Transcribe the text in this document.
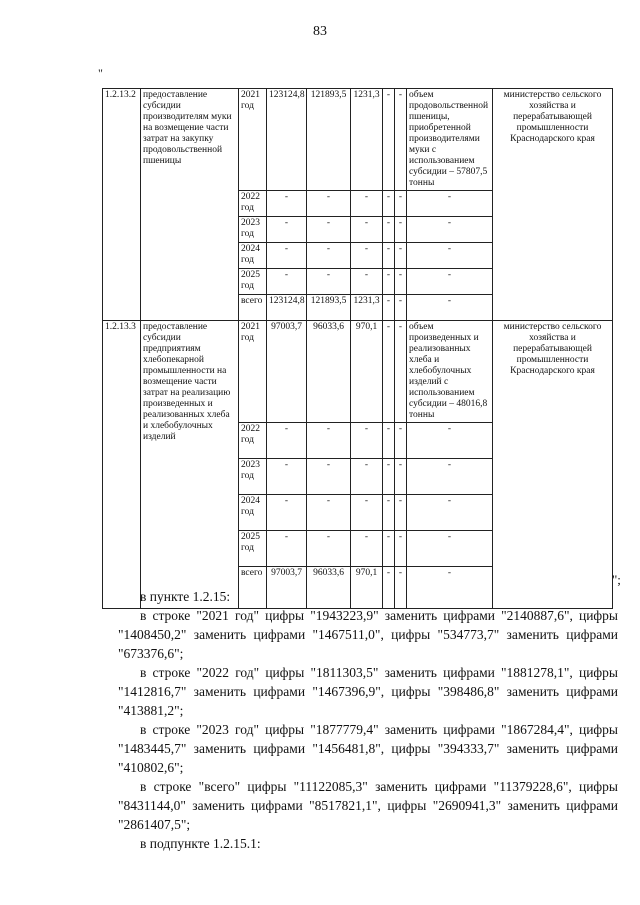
83
"
1.2.13.2	предоставление субсидии производителям муки на возмещение части затрат на закупку продовольственной пшеницы	2021 год	123124,8	121893,5	1231,3	-	-	объем продовольственной пшеницы, приобретенной производителями муки с использованием субсидии – 57807,5 тонны	министерство сельского хозяйства и перерабатывающей промышленности Краснодарского края
		2022 год	-	-	-	-	-	-	
		2023 год	-	-	-	-	-	-	
		2024 год	-	-	-	-	-	-	
		2025 год	-	-	-	-	-	-	
		всего	123124,8	121893,5	1231,3	-	-	-	
1.2.13.3	предоставление субсидии предприятиям хлебопекарной промышленности на возмещение части затрат на реализацию произведенных и реализованных хлеба и хлебобулочных изделий	2021 год	97003,7	96033,6	970,1	-	-	объем произведенных и реализованных хлеба и хлебобулочных изделий с использованием субсидии – 48016,8 тонны	министерство сельского хозяйства и перерабатывающей промышленности Краснодарского края
		2022 год	-	-	-	-	-	-	
		2023 год	-	-	-	-	-	-	
		2024 год	-	-	-	-	-	-	
		2025 год	-	-	-	-	-	-	
		всего	97003,7	96033,6	970,1	-	-	-		";

в пункте 1.2.15:

в строке "2021 год" цифры "1943223,9" заменить цифрами "2140887,6", цифры "1408450,2" заменить цифрами "1467511,0", цифры "534773,7" заменить цифрами "673376,6";

в строке "2022 год" цифры "1811303,5" заменить цифрами "1881278,1", цифры "1412816,7" заменить цифрами "1467396,9", цифры "398486,8" заменить цифрами "413881,2";

в строке "2023 год" цифры "1877779,4" заменить цифрами "1867284,4", цифры "1483445,7" заменить цифрами "1456481,8", цифры "394333,7" заменить цифрами "410802,6";

в строке "всего" цифры "11122085,3" заменить цифрами "11379228,6", цифры "8431144,0" заменить цифрами "8517821,1", цифры "2690941,3" заменить цифрами "2861407,5";

в подпункте 1.2.15.1:
